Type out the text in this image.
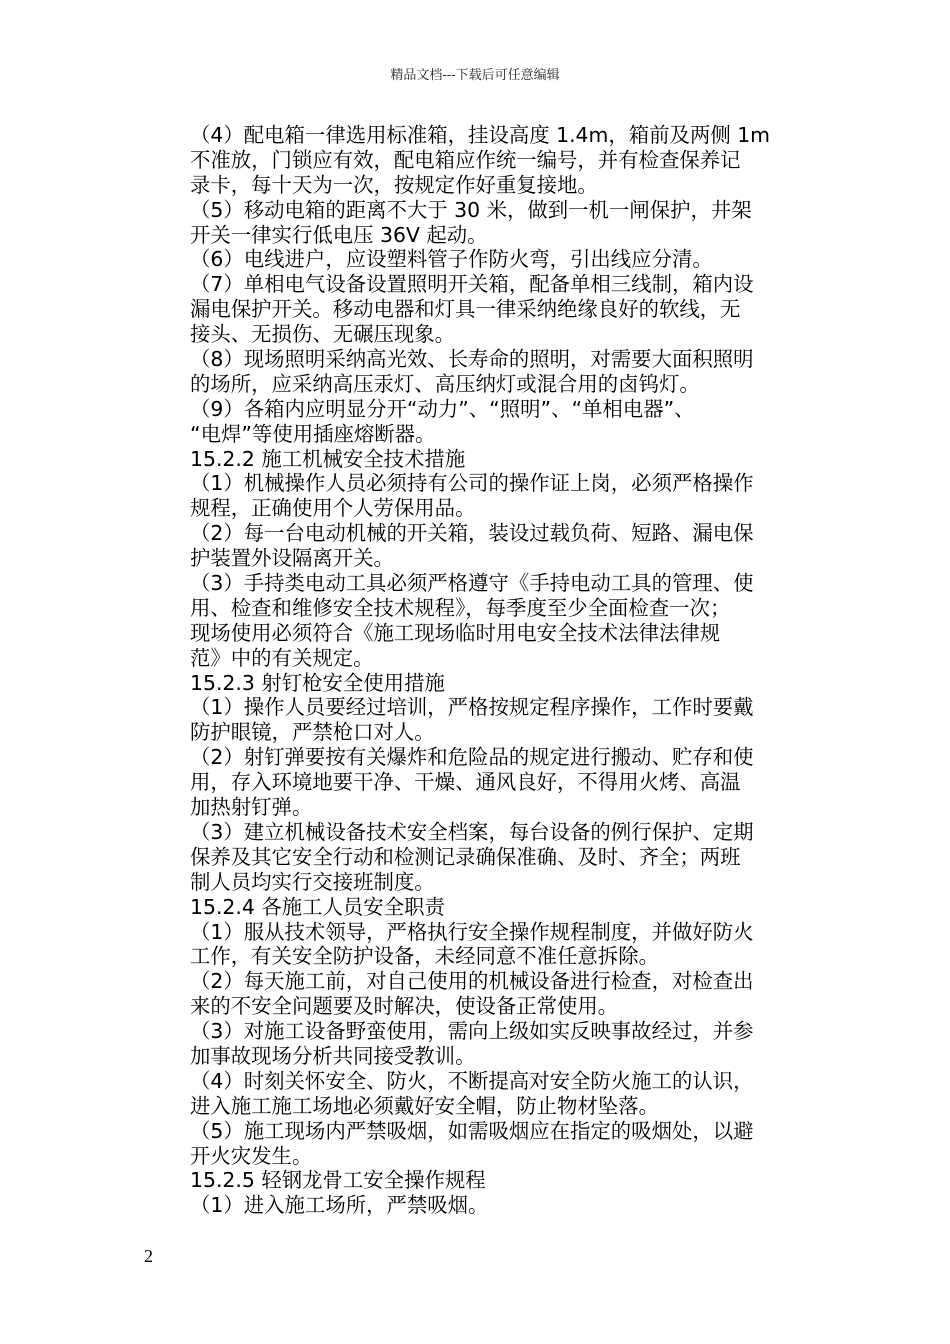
精品文档---下载后可任意编辑
（4）配电箱一律选用标准箱，挂设高度 1.4m，箱前及两侧 1m
不准放，门锁应有效，配电箱应作统一编号，并有检查保养记
录卡，每十天为一次，按规定作好重复接地。
（5）移动电箱的距离不大于 30 米，做到一机一闸保护，井架
开关一律实行低电压 36V 起动。
（6）电线进户，应设塑料管子作防火弯，引出线应分清。
（7）单相电气设备设置照明开关箱，配备单相三线制，箱内设
漏电保护开关。移动电器和灯具一律采纳绝缘良好的软线，无
接头、无损伤、无碾压现象。
（8）现场照明采纳高光效、长寿命的照明，对需要大面积照明
的场所，应采纳高压汞灯、高压纳灯或混合用的卤钨灯。
（9）各箱内应明显分开“动力”、“照明”、“单相电器”、
“电焊”等使用插座熔断器。
15.2.2 施工机械安全技术措施
（1）机械操作人员必须持有公司的操作证上岗，必须严格操作
规程，正确使用个人劳保用品。
（2）每一台电动机械的开关箱，装设过载负荷、短路、漏电保
护装置外设隔离开关。
（3）手持类电动工具必须严格遵守《手持电动工具的管理、使
用、检查和维修安全技术规程》，每季度至少全面检查一次；
现场使用必须符合《施工现场临时用电安全技术法律法律规
范》中的有关规定。
15.2.3 射钉枪安全使用措施
（1）操作人员要经过培训，严格按规定程序操作，工作时要戴
防护眼镜，严禁枪口对人。
（2）射钉弹要按有关爆炸和危险品的规定进行搬动、贮存和使
用，存入环境地要干净、干燥、通风良好，不得用火烤、高温
加热射钉弹。
（3）建立机械设备技术安全档案，每台设备的例行保护、定期
保养及其它安全行动和检测记录确保准确、及时、齐全；两班
制人员均实行交接班制度。
15.2.4 各施工人员安全职责
（1）服从技术领导，严格执行安全操作规程制度，并做好防火
工作，有关安全防护设备，未经同意不准任意拆除。
（2）每天施工前，对自己使用的机械设备进行检查，对检查出
来的不安全问题要及时解决，使设备正常使用。
（3）对施工设备野蛮使用，需向上级如实反映事故经过，并参
加事故现场分析共同接受教训。
（4）时刻关怀安全、防火，不断提高对安全防火施工的认识，
进入施工施工场地必须戴好安全帽，防止物材坠落。
（5）施工现场内严禁吸烟，如需吸烟应在指定的吸烟处，以避
开火灾发生。
15.2.5 轻钢龙骨工安全操作规程
（1）进入施工场所，严禁吸烟。
2
